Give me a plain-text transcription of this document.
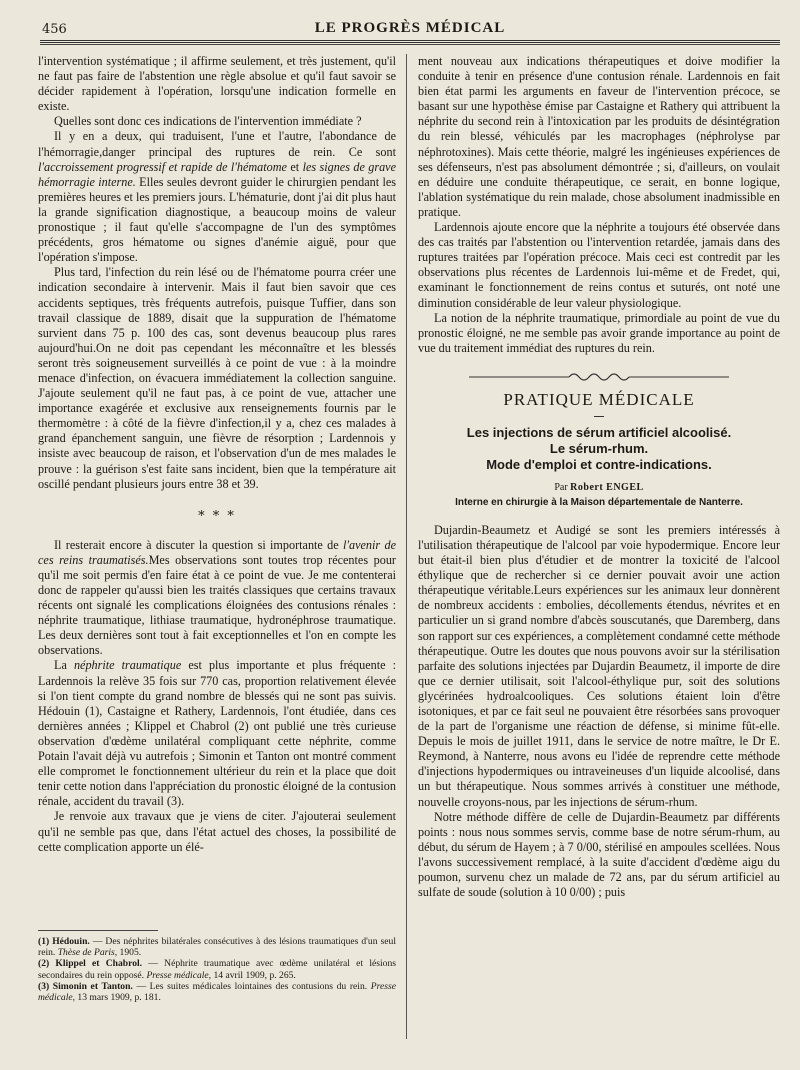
456	LE PROGRÈS MÉDICAL

l'intervention systématique ; il affirme seulement, et très justement, qu'il ne faut pas faire de l'abstention une règle absolue et qu'il faut savoir se décider rapidement à l'opération, lorsqu'une indication formelle en existe.

Quelles sont donc ces indications de l'intervention immédiate ?

Il y en a deux, qui traduisent, l'une et l'autre, l'abondance de l'hémorragie,danger principal des ruptures de rein. Ce sont l'accroissement progressif et rapide de l'hématome et les signes de grave hémorragie interne. Elles seules devront guider le chirurgien pendant les premières heures et les premiers jours. L'hématurie, dont j'ai dit plus haut la grande signification diagnostique, a beaucoup moins de valeur pronostique ; il faut qu'elle s'accompagne de l'un des symptômes précédents, gros hématome ou signes d'anémie aiguë, pour que l'opération s'impose.

Plus tard, l'infection du rein lésé ou de l'hématome pourra créer une indication secondaire à intervenir. Mais il faut bien savoir que ces accidents septiques, très fréquents autrefois, puisque Tuffier, dans son travail classique de 1889, disait que la suppuration de l'hématome survient dans 75 p. 100 des cas, sont devenus beaucoup plus rares aujourd'hui.On ne doit pas cependant les méconnaître et les blessés seront très soigneusement surveillés à ce point de vue : à la moindre menace d'infection, on évacuera immédiatement la collection sanguine. J'ajoute seulement qu'il ne faut pas, à ce point de vue, attacher une importance exagérée et exclusive aux renseignements fournis par le thermomètre : à côté de la fièvre d'infection,il y a, chez ces malades à grand épanchement sanguin, une fièvre de résorption ; Lardennois y insiste avec beaucoup de raison, et l'observation d'un de mes malades le prouve : la guérison s'est faite sans incident, bien que la température ait oscillé pendant plusieurs jours entre 38 et 39.

* * *

Il resterait encore à discuter la question si importante de l'avenir de ces reins traumatisés.Mes observations sont toutes trop récentes pour qu'il me soit permis d'en faire état à ce point de vue. Je me contenterai donc de rappeler qu'aussi bien les traités classiques que certains travaux récents ont signalé les complications éloignées des contusions rénales : néphrite traumatique, lithiase traumatique, hydronéphrose traumatique. Les deux dernières sont tout à fait exceptionnelles et l'on en compte les observations.

La néphrite traumatique est plus importante et plus fréquente : Lardennois la relève 35 fois sur 770 cas, proportion relativement élevée si l'on tient compte du grand nombre de blessés qui ne sont pas suivis. Hédouin (1), Castaigne et Rathery, Lardennois, l'ont étudiée, dans ces dernières années ; Klippel et Chabrol (2) ont publié une très curieuse observation d'œdème unilatéral compliquant cette néphrite, comme Potain l'avait déjà vu autrefois ; Simonin et Tanton ont montré comment elle compromet le fonctionnement ultérieur du rein et la place que doit tenir cette notion dans l'appréciation du pronostic éloigné de la contusion rénale, accident du travail (3).

Je renvoie aux travaux que je viens de citer. J'ajouterai seulement qu'il ne semble pas que, dans l'état actuel des choses, la possibilité de cette complication apporte un élé-

(1) Hédouin. — Des néphrites bilatérales consécutives à des lésions traumatiques d'un seul rein. Thèse de Paris, 1905.

(2) Klippel et Chabrol. — Néphrite traumatique avec œdème unilatéral et lésions secondaires du rein opposé. Presse médicale, 14 avril 1909, p. 265.

(3) Simonin et Tanton. — Les suites médicales lointaines des contusions du rein. Presse médicale, 13 mars 1909, p. 181.

ment nouveau aux indications thérapeutiques et doive modifier la conduite à tenir en présence d'une contusion rénale. Lardennois en fait bien état parmi les arguments en faveur de l'intervention précoce, se basant sur une hypothèse émise par Castaigne et Rathery qui attribuent la néphrite du second rein à l'intoxication par les produits de désintégration du rein blessé, véhiculés par les macrophages (néphrolyse par néphrotoxines). Mais cette théorie, malgré les ingénieuses expériences de ses défenseurs, n'est pas absolument démontrée ; si, d'ailleurs, on voulait en déduire une conduite thérapeutique, ce serait, en bonne logique, l'ablation systématique du rein malade, chose absolument inadmissible en pratique.

Lardennois ajoute encore que la néphrite a toujours été observée dans des cas traités par l'abstention ou l'intervention retardée, jamais dans des ruptures traitées par l'opération précoce. Mais ceci est contredit par les observations plus récentes de Lardennois lui-même et de Fredet, qui, examinant le fonctionnement de reins contus et suturés, ont noté une diminution considérable de leur valeur physiologique.

La notion de la néphrite traumatique, primordiale au point de vue du pronostic éloigné, ne me semble pas avoir grande importance au point de vue du traitement immédiat des ruptures du rein.

PRATIQUE MÉDICALE
Les injections de sérum artificiel alcoolisé.
Le sérum-rhum.
Mode d'emploi et contre-indications.

Par Robert ENGEL

Interne en chirurgie à la Maison départementale de Nanterre.

Dujardin-Beaumetz et Audigé se sont les premiers intéressés à l'utilisation thérapeutique de l'alcool par voie hypodermique. Encore leur but était-il bien plus d'étudier et de montrer la toxicité de l'alcool éthylique que de rechercher si ce dernier pouvait avoir une action thérapeutique véritable.Leurs expériences sur les animaux leur donnèrent de nombreux accidents : embolies, décollements étendus, névrites et en particulier un si grand nombre d'abcès souscutanés, que Daremberg, dans son rapport sur ces expériences, a complètement condamné cette méthode thérapeutique. Outre les doutes que nous pouvons avoir sur la stérilisation parfaite des solutions injectées par Dujardin Beaumetz, il importe de dire que ce dernier utilisait, soit l'alcool-éthylique pur, soit des solutions glycérinées hydroalcooliques. Ces solutions étaient loin d'être isotoniques, et par ce fait seul ne pouvaient être résorbées sans provoquer de la part de l'organisme une réaction de défense, si minime fût-elle. Depuis le mois de juillet 1911, dans le service de notre maître, le Dr E. Reymond, à Nanterre, nous avons eu l'idée de reprendre cette méthode d'injections hypodermiques ou intraveineuses d'un liquide alcoolisé, dans un but thérapeutique. Nous sommes arrivés à constituer une méthode, nouvelle croyons-nous, par les injections de sérum-rhum.

Notre méthode diffère de celle de Dujardin-Beaumetz par différents points : nous nous sommes servis, comme base de notre sérum-rhum, au début, du sérum de Hayem ; à 7 0/00, stérilisé en ampoules scellées. Nous l'avons successivement remplacé, à la suite d'accident d'œdème aigu du poumon, survenu chez un malade de 72 ans, par du sérum artificiel au sulfate de soude (solution à 10 0/00) ; puis
